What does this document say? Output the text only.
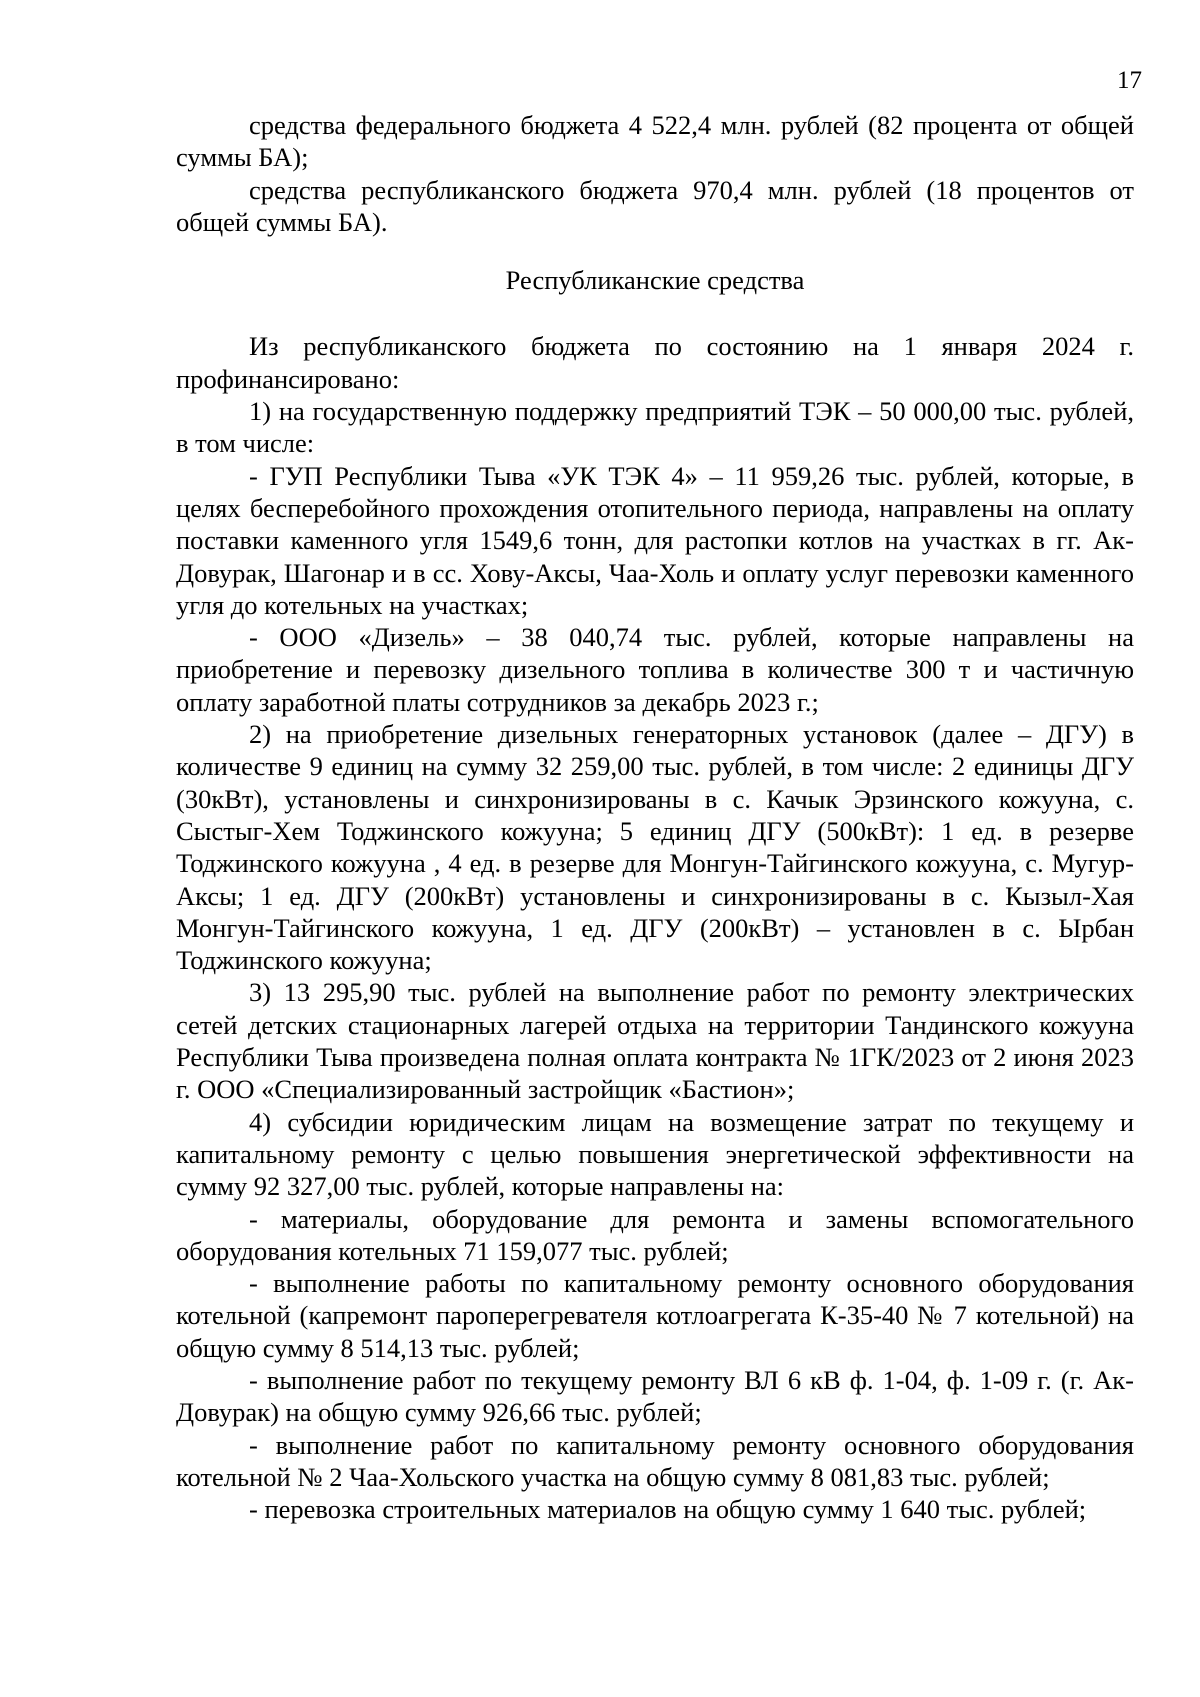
17

средства федерального бюджета 4 522,4 млн. рублей (82 процента от общей суммы БА);

средства республиканского бюджета 970,4 млн. рублей (18 процентов от общей суммы БА).

Республиканские средства

Из республиканского бюджета по состоянию на 1 января 2024 г. профинансировано:

1) на государственную поддержку предприятий ТЭК – 50 000,00 тыс. рублей, в том числе:

- ГУП Республики Тыва «УК ТЭК 4» – 11 959,26 тыс. рублей, которые, в целях бесперебойного прохождения отопительного периода, направлены на оплату поставки каменного угля 1549,6 тонн, для растопки котлов на участках в гг. Ак-Довурак, Шагонар и в сс. Хову-Аксы, Чаа-Холь и оплату услуг перевозки каменного угля до котельных на участках;

- ООО «Дизель» – 38 040,74 тыс. рублей, которые направлены на приобретение и перевозку дизельного топлива в количестве 300 т и частичную оплату заработной платы сотрудников за декабрь 2023 г.;

2) на приобретение дизельных генераторных установок (далее – ДГУ) в количестве 9 единиц на сумму 32 259,00 тыс. рублей, в том числе: 2 единицы ДГУ (30кВт), установлены и синхронизированы в с. Качык Эрзинского кожууна, с. Сыстыг-Хем Тоджинского кожууна; 5 единиц ДГУ (500кВт): 1 ед. в резерве Тоджинского кожууна , 4 ед. в резерве для Монгун-Тайгинского кожууна, с. Мугур-Аксы; 1 ед. ДГУ (200кВт) установлены и синхронизированы в с. Кызыл-Хая Монгун-Тайгинского кожууна, 1 ед. ДГУ (200кВт) – установлен в с. Ырбан Тоджинского кожууна;

3) 13 295,90 тыс. рублей на выполнение работ по ремонту электрических сетей детских стационарных лагерей отдыха на территории Тандинского кожууна Республики Тыва произведена полная оплата контракта № 1ГК/2023 от 2 июня 2023 г. ООО «Специализированный застройщик «Бастион»;

4) субсидии юридическим лицам на возмещение затрат по текущему и капитальному ремонту с целью повышения энергетической эффективности на сумму 92 327,00 тыс. рублей, которые направлены на:

- материалы, оборудование для ремонта и замены вспомогательного оборудования котельных 71 159,077 тыс. рублей;

- выполнение работы по капитальному ремонту основного оборудования котельной (капремонт пароперегревателя котлоагрегата К-35-40 № 7 котельной) на общую сумму 8 514,13 тыс. рублей;

- выполнение работ по текущему ремонту ВЛ 6 кВ ф. 1-04, ф. 1-09 г. (г. Ак-Довурак) на общую сумму 926,66 тыс. рублей;

- выполнение работ по капитальному ремонту основного оборудования котельной № 2 Чаа-Хольского участка на общую сумму 8 081,83 тыс. рублей;

- перевозка строительных материалов на общую сумму 1 640 тыс. рублей;
